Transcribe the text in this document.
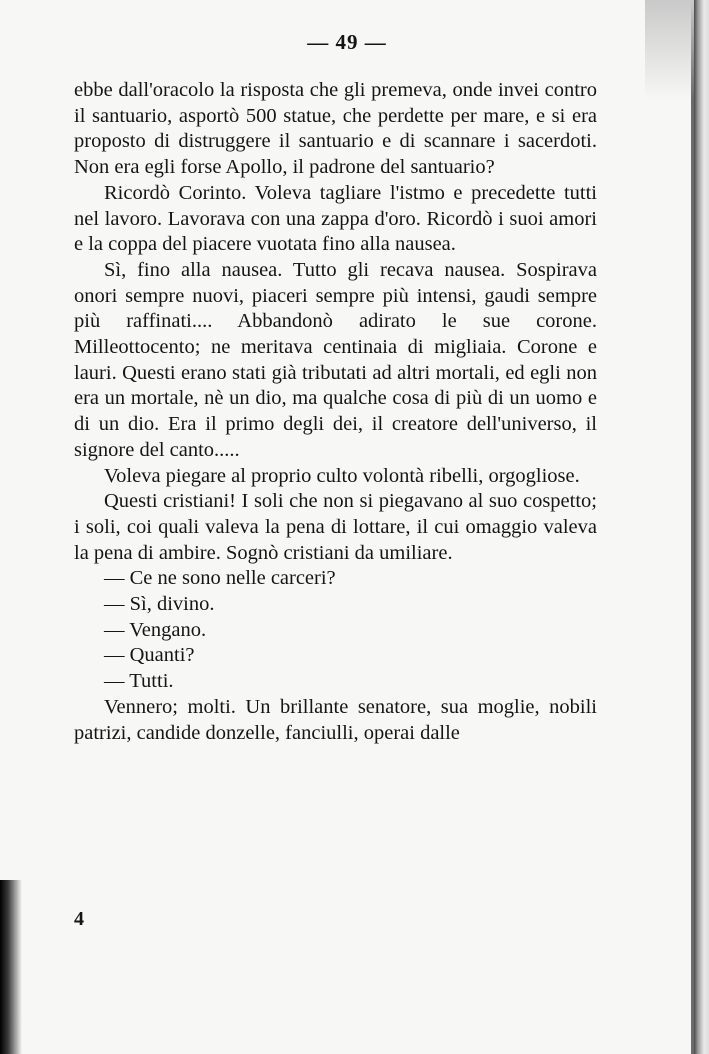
— 49 —

ebbe dall'oracolo la risposta che gli premeva, onde invei contro il santuario, asportò 500 statue, che perdette per mare, e si era proposto di distruggere il santuario e di scannare i sacerdoti. Non era egli forse Apollo, il padrone del santuario?

Ricordò Corinto. Voleva tagliare l'istmo e precedette tutti nel lavoro. Lavorava con una zappa d'oro. Ricordò i suoi amori e la coppa del piacere vuotata fino alla nausea.

Sì, fino alla nausea. Tutto gli recava nausea. Sospirava onori sempre nuovi, piaceri sempre più intensi, gaudi sempre più raffinati.... Abbandonò adirato le sue corone. Milleottocento; ne meritava centinaia di migliaia. Corone e lauri. Questi erano stati già tributati ad altri mortali, ed egli non era un mortale, nè un dio, ma qualche cosa di più di un uomo e di un dio. Era il primo degli dei, il creatore dell'universo, il signore del canto.....

Voleva piegare al proprio culto volontà ribelli, orgogliose.

Questi cristiani! I soli che non si piegavano al suo cospetto; i soli, coi quali valeva la pena di lottare, il cui omaggio valeva la pena di ambire. Sognò cristiani da umiliare.

— Ce ne sono nelle carceri?

— Sì, divino.

— Vengano.

— Quanti?

— Tutti.

Vennero; molti. Un brillante senatore, sua moglie, nobili patrizi, candide donzelle, fanciulli, operai dalle

4
